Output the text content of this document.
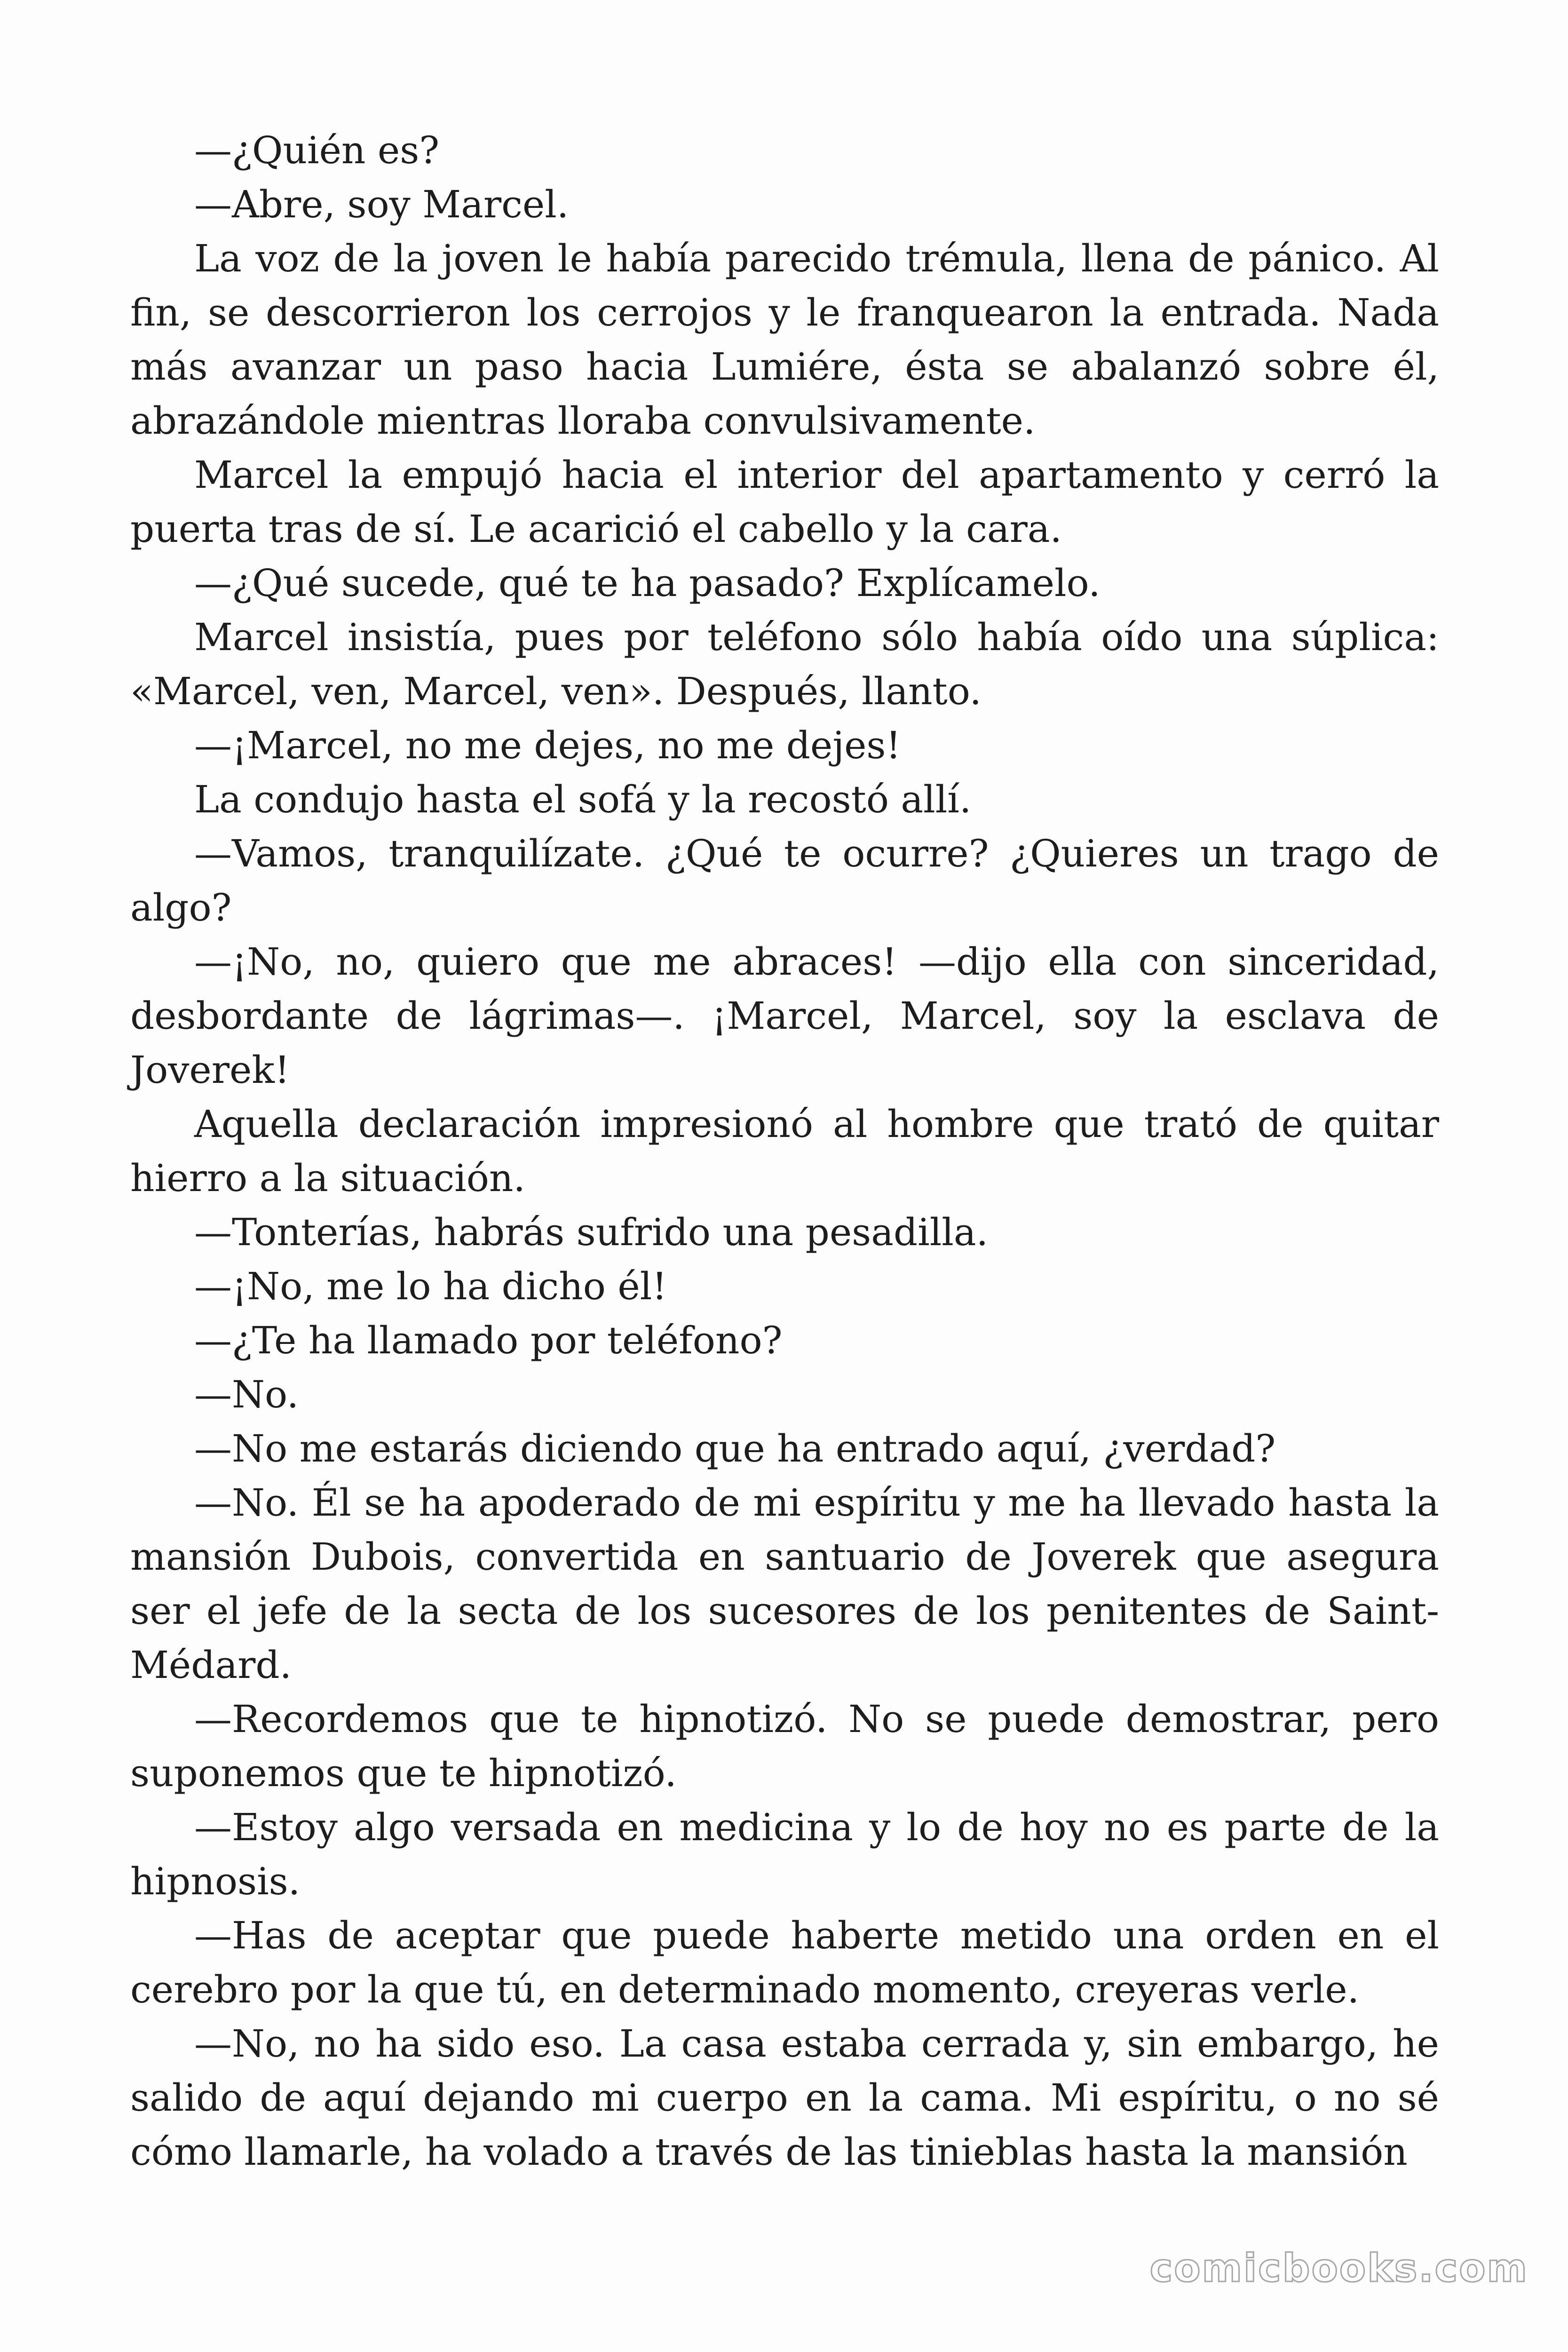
—¿Quién es?

—Abre, soy Marcel.

La voz de la joven le había parecido trémula, llena de pánico. Al fin, se descorrieron los cerrojos y le franquearon la entrada. Nada más avanzar un paso hacia Lumiére, ésta se abalanzó sobre él, abrazándole mientras lloraba convulsivamente.

Marcel la empujó hacia el interior del apartamento y cerró la puerta tras de sí. Le acarició el cabello y la cara.

—¿Qué sucede, qué te ha pasado? Explícamelo.

Marcel insistía, pues por teléfono sólo había oído una súplica: «Marcel, ven, Marcel, ven». Después, llanto.

—¡Marcel, no me dejes, no me dejes!

La condujo hasta el sofá y la recostó allí.

—Vamos, tranquilízate. ¿Qué te ocurre? ¿Quieres un trago de algo?

—¡No, no, quiero que me abraces! —dijo ella con sinceridad, desbordante de lágrimas—. ¡Marcel, Marcel, soy la esclava de Joverek!

Aquella declaración impresionó al hombre que trató de quitar hierro a la situación.

—Tonterías, habrás sufrido una pesadilla.

—¡No, me lo ha dicho él!

—¿Te ha llamado por teléfono?

—No.

—No me estarás diciendo que ha entrado aquí, ¿verdad?

—No. Él se ha apoderado de mi espíritu y me ha llevado hasta la mansión Dubois, convertida en santuario de Joverek que asegura ser el jefe de la secta de los sucesores de los penitentes de Saint-Médard.

—Recordemos que te hipnotizó. No se puede demostrar, pero suponemos que te hipnotizó.

—Estoy algo versada en medicina y lo de hoy no es parte de la hipnosis.

—Has de aceptar que puede haberte metido una orden en el cerebro por la que tú, en determinado momento, creyeras verle.

—No, no ha sido eso. La casa estaba cerrada y, sin embargo, he salido de aquí dejando mi cuerpo en la cama. Mi espíritu, o no sé cómo llamarle, ha volado a través de las tinieblas hasta la mansión

comicbooks.com
